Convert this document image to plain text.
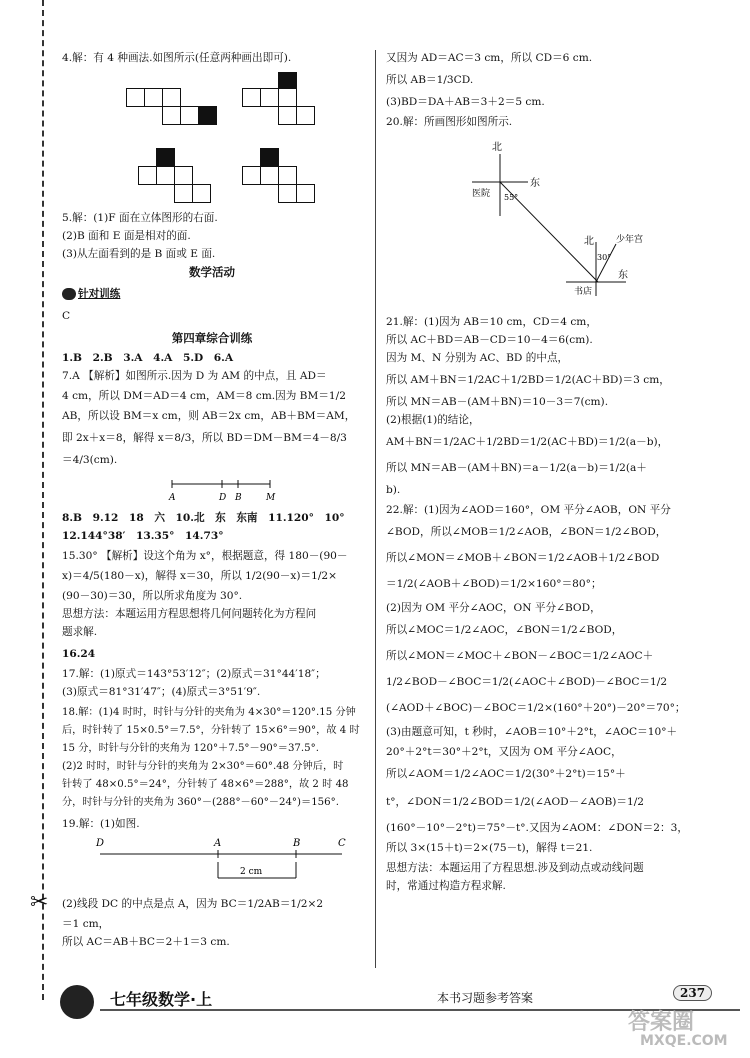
4.解：有 4 种画法.如图所示(任意两种画出即可).
5.解：(1)F 面在立体图形的右面.
(2)B 面和 E 面是相对的面.
(3)从左面看到的是 B 面或 E 面.
数学活动
针对训练
C
第四章综合训练
1.B　2.B　3.A　4.A　5.D　6.A
7.A 【解析】如图所示.因为 D 为 AM 的中点，且 AD＝
4 cm，所以 DM＝AD＝4 cm，AM＝8 cm.因为 BM＝1/2
AB，所以设 BM＝x cm，则 AB＝2x cm，AB＋BM＝AM，
即 2x＋x＝8，解得 x＝8/3，所以 BD＝DM－BM＝4－8/3
＝4/3(cm).
A	D B	M
8.B　9.12　18　六　10.北　东　东南　11.120°　10°
12.144°38′　13.35°　14.73°
15.30° 【解析】设这个角为 x°，根据题意，得 180－(90－
x)＝4/5(180－x)，解得 x＝30，所以 1/2(90－x)＝1/2×
(90－30)＝30，所以所求角度为 30°.
思想方法：本题运用方程思想将几何问题转化为方程问
题求解.
16.24
17.解：(1)原式＝143°53′12″；(2)原式＝31°44′18″；
(3)原式＝81°31′47″；(4)原式＝3°51′9″.
18.解：(1)4 时时，时针与分针的夹角为 4×30°＝120°.15 分钟
后，时针转了 15×0.5°＝7.5°，分针转了 15×6°＝90°，故 4 时
15 分，时针与分针的夹角为 120°＋7.5°－90°＝37.5°.
(2)2 时时，时针与分针的夹角为 2×30°＝60°.48 分钟后，时
针转了 48×0.5°＝24°，分针转了 48×6°＝288°，故 2 时 48
分，时针与分针的夹角为 360°－(288°－60°－24°)＝156°.
19.解：(1)如图.
D	A	B	C
2 cm
(2)线段 DC 的中点是点 A，因为 BC＝1/2AB＝1/2×2
＝1 cm，
所以 AC＝AB＋BC＝2＋1＝3 cm.
又因为 AD＝AC＝3 cm，所以 CD＝6 cm.
所以 AB＝1/3CD.
(3)BD＝DA＋AB＝3＋2＝5 cm.
20.解：所画图形如图所示.
北
东
医院 55°
北 少年宫
30°
东
书店
21.解：(1)因为 AB＝10 cm，CD＝4 cm，
所以 AC＋BD＝AB－CD＝10－4＝6(cm).
因为 M、N 分别为 AC、BD 的中点，
所以 AM＋BN＝1/2AC＋1/2BD＝1/2(AC＋BD)＝3 cm，
所以 MN＝AB－(AM＋BN)＝10－3＝7(cm).
(2)根据(1)的结论，
AM＋BN＝1/2AC＋1/2BD＝1/2(AC＋BD)＝1/2(a－b)，
所以 MN＝AB－(AM＋BN)＝a－1/2(a－b)＝1/2(a＋
b).
22.解：(1)因为∠AOD＝160°，OM 平分∠AOB，ON 平分
∠BOD，所以∠MOB＝1/2∠AOB，∠BON＝1/2∠BOD，
所以∠MON＝∠MOB＋∠BON＝1/2∠AOB＋1/2∠BOD
＝1/2(∠AOB＋∠BOD)＝1/2×160°＝80°；
(2)因为 OM 平分∠AOC，ON 平分∠BOD，
所以∠MOC＝1/2∠AOC，∠BON＝1/2∠BOD，
所以∠MON＝∠MOC＋∠BON－∠BOC＝1/2∠AOC＋
1/2∠BOD－∠BOC＝1/2(∠AOC＋∠BOD)－∠BOC＝1/2
(∠AOD＋∠BOC)－∠BOC＝1/2×(160°＋20°)－20°＝70°；
(3)由题意可知，t 秒时，∠AOB＝10°＋2°t，∠AOC＝10°＋
20°＋2°t＝30°＋2°t，又因为 OM 平分∠AOC，
所以∠AOM＝1/2∠AOC＝1/2(30°＋2°t)＝15°＋
t°，∠DON＝1/2∠BOD＝1/2(∠AOD－∠AOB)＝1/2
(160°－10°－2°t)＝75°－t°.又因为∠AOM：∠DON＝2：3，
所以 3×(15＋t)＝2×(75－t)，解得 t＝21.
思想方法：本题运用了方程思想.涉及到动点或动线问题
时，常通过构造方程求解.
✂
七年级数学·上	本书习题参考答案	237
答案圈
MXQE.COM
